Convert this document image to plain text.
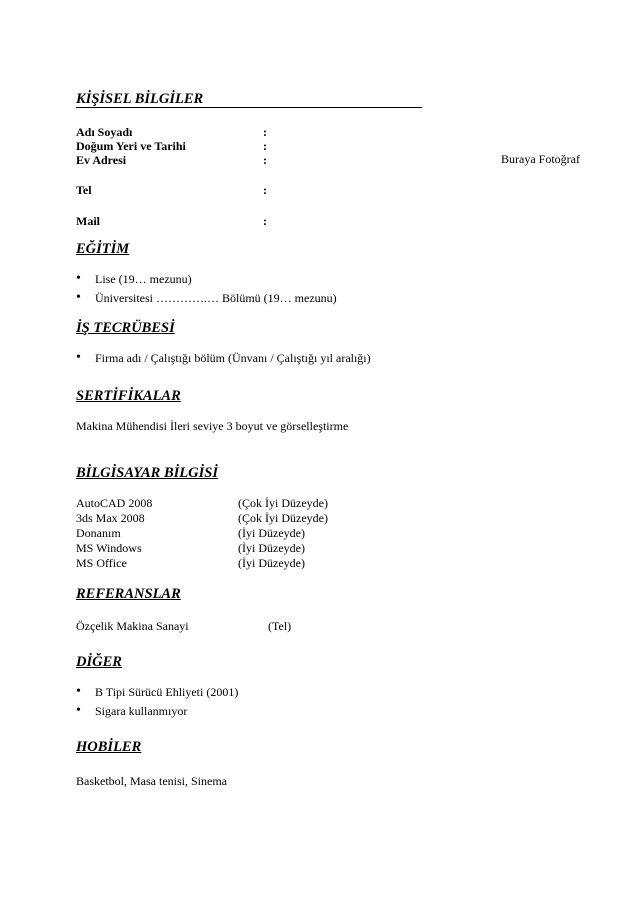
KİŞİSEL BİLGİLER
Adı Soyadı	:
Doğum Yeri ve Tarihi	:
Ev Adresi	:
Tel	:
Mail	:
Buraya Fotoğraf
EĞİTİM
• Lise (19… mezunu)
• Üniversitesi ………….… Bölümü (19… mezunu)
İŞ TECRÜBESİ
• Firma adı / Çalıştığı bölüm (Ünvanı / Çalıştığı yıl aralığı)
SERTİFİKALAR
Makina Mühendisi İleri seviye 3 boyut ve görselleştirme
BİLGİSAYAR BİLGİSİ
AutoCAD 2008	(Çok İyi Düzeyde)
3ds Max 2008	(Çok İyi Düzeyde)
Donanım	(İyi Düzeyde)
MS Windows	(İyi Düzeyde)
MS Office	(İyi Düzeyde)
REFERANSLAR
Özçelik Makina Sanayi	(Tel)
DİĞER
• B Tipi Sürücü Ehliyeti (2001)
• Sigara kullanmıyor
HOBİLER
Basketbol, Masa tenisi, Sinema
